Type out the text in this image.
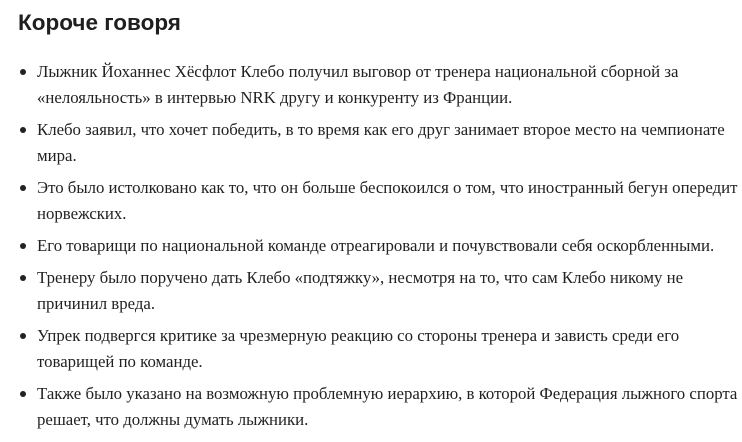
Короче говоря
Лыжник Йоханнес Хёсфлот Клебо получил выговор от тренера национальной сборной за «нелояльность» в интервью NRK другу и конкуренту из Франции.
Клебо заявил, что хочет победить, в то время как его друг занимает второе место на чемпионате мира.
Это было истолковано как то, что он больше беспокоился о том, что иностранный бегун опередит норвежских.
Его товарищи по национальной команде отреагировали и почувствовали себя оскорбленными.
Тренеру было поручено дать Клебо «подтяжку», несмотря на то, что сам Клебо никому не причинил вреда.
Упрек подвергся критике за чрезмерную реакцию со стороны тренера и зависть среди его товарищей по команде.
Также было указано на возможную проблемную иерархию, в которой Федерация лыжного спорта решает, что должны думать лыжники.
